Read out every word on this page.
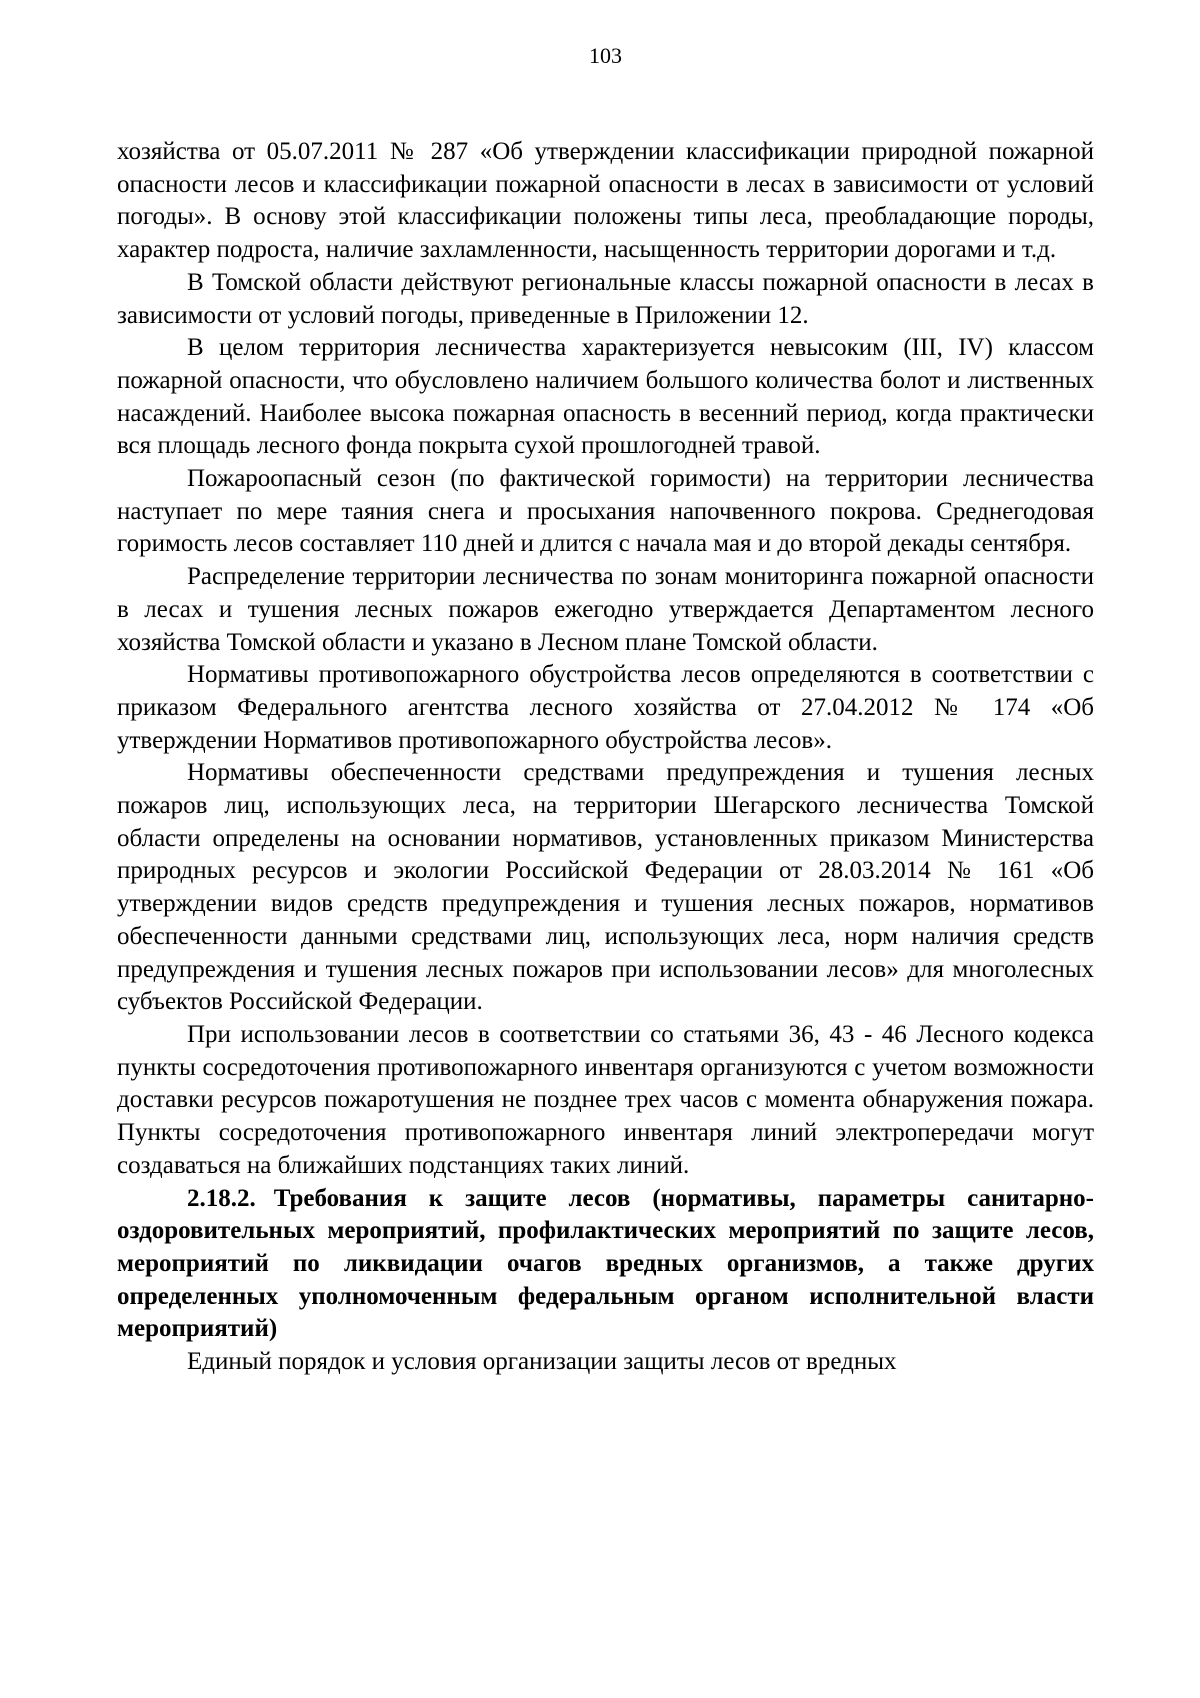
103

хозяйства от 05.07.2011 № 287 «Об утверждении классификации природной пожарной опасности лесов и классификации пожарной опасности в лесах в зависимости от условий погоды». В основу этой классификации положены типы леса, преобладающие породы, характер подроста, наличие захламленности, насыщенность территории дорогами и т.д.

В Томской области действуют региональные классы пожарной опасности в лесах в зависимости от условий погоды, приведенные в Приложении 12.

В целом территория лесничества характеризуется невысоким (III, IV) классом пожарной опасности, что обусловлено наличием большого количества болот и лиственных насаждений. Наиболее высока пожарная опасность в весенний период, когда практически вся площадь лесного фонда покрыта сухой прошлогодней травой.

Пожароопасный сезон (по фактической горимости) на территории лесничества наступает по мере таяния снега и просыхания напочвенного покрова. Среднегодовая горимость лесов составляет 110 дней и длится с начала мая и до второй декады сентября.

Распределение территории лесничества по зонам мониторинга пожарной опасности в лесах и тушения лесных пожаров ежегодно утверждается Департаментом лесного хозяйства Томской области и указано в Лесном плане Томской области.

Нормативы противопожарного обустройства лесов определяются в соответствии с приказом Федерального агентства лесного хозяйства от 27.04.2012 № 174 «Об утверждении Нормативов противопожарного обустройства лесов».

Нормативы обеспеченности средствами предупреждения и тушения лесных пожаров лиц, использующих леса, на территории Шегарского лесничества Томской области определены на основании нормативов, установленных приказом Министерства природных ресурсов и экологии Российской Федерации от 28.03.2014 № 161 «Об утверждении видов средств предупреждения и тушения лесных пожаров, нормативов обеспеченности данными средствами лиц, использующих леса, норм наличия средств предупреждения и тушения лесных пожаров при использовании лесов» для многолесных субъектов Российской Федерации.

При использовании лесов в соответствии со статьями 36, 43 - 46 Лесного кодекса пункты сосредоточения противопожарного инвентаря организуются с учетом возможности доставки ресурсов пожаротушения не позднее трех часов с момента обнаружения пожара. Пункты сосредоточения противопожарного инвентаря линий электропередачи могут создаваться на ближайших подстанциях таких линий.

2.18.2. Требования к защите лесов (нормативы, параметры санитарно-оздоровительных мероприятий, профилактических мероприятий по защите лесов, мероприятий по ликвидации очагов вредных организмов, а также других определенных уполномоченным федеральным органом исполнительной власти мероприятий)

Единый порядок и условия организации защиты лесов от вредных
